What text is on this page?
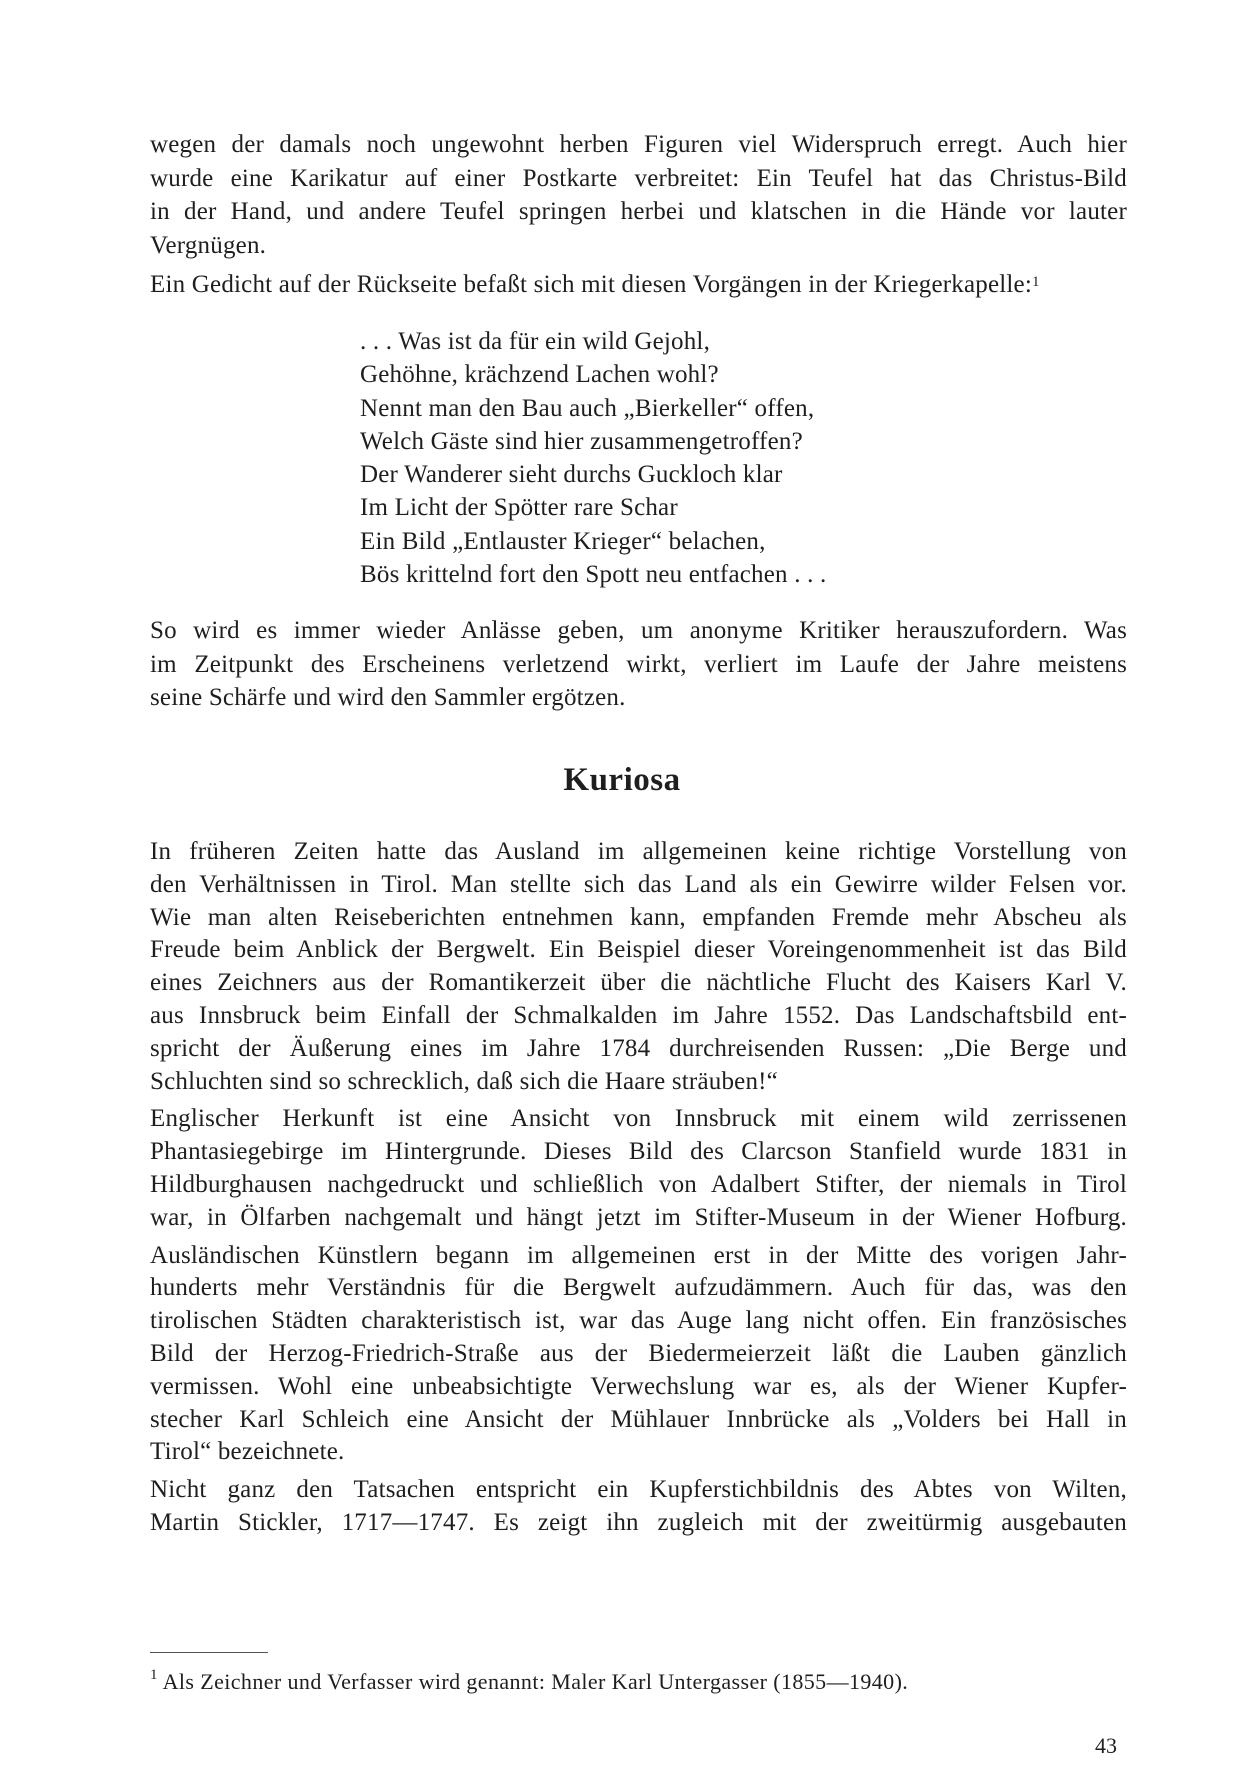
wegen der damals noch ungewohnt herben Figuren viel Widerspruch erregt. Auch hier
wurde eine Karikatur auf einer Postkarte verbreitet: Ein Teufel hat das Christus-Bild
in der Hand, und andere Teufel springen herbei und klatschen in die Hände vor lauter
Vergnügen.
Ein Gedicht auf der Rückseite befaßt sich mit diesen Vorgängen in der Kriegerkapelle:$^1$
. . . Was ist da für ein wild Gejohl,
Gehöhne, krächzend Lachen wohl?
Nennt man den Bau auch „Bierkeller“ offen,
Welch Gäste sind hier zusammengetroffen?
Der Wanderer sieht durchs Guckloch klar
Im Licht der Spötter rare Schar
Ein Bild „Entlauster Krieger“ belachen,
Bös krittelnd fort den Spott neu entfachen . . .
So wird es immer wieder Anlässe geben, um anonyme Kritiker herauszufordern. Was
im Zeitpunkt des Erscheinens verletzend wirkt, verliert im Laufe der Jahre meistens
seine Schärfe und wird den Sammler ergötzen.
Kuriosa
In früheren Zeiten hatte das Ausland im allgemeinen keine richtige Vorstellung von
den Verhältnissen in Tirol. Man stellte sich das Land als ein Gewirre wilder Felsen vor.
Wie man alten Reiseberichten entnehmen kann, empfanden Fremde mehr Abscheu als
Freude beim Anblick der Bergwelt. Ein Beispiel dieser Voreingenommenheit ist das Bild
eines Zeichners aus der Romantikerzeit über die nächtliche Flucht des Kaisers Karl V.
aus Innsbruck beim Einfall der Schmalkalden im Jahre 1552. Das Landschaftsbild ent-
spricht der Äußerung eines im Jahre 1784 durchreisenden Russen: „Die Berge und
Schluchten sind so schrecklich, daß sich die Haare sträuben!“
Englischer Herkunft ist eine Ansicht von Innsbruck mit einem wild zerrissenen
Phantasiegebirge im Hintergrunde. Dieses Bild des Clarcson Stanfield wurde 1831 in
Hildburghausen nachgedruckt und schließlich von Adalbert Stifter, der niemals in Tirol
war, in Ölfarben nachgemalt und hängt jetzt im Stifter-Museum in der Wiener Hofburg.
Ausländischen Künstlern begann im allgemeinen erst in der Mitte des vorigen Jahr-
hunderts mehr Verständnis für die Bergwelt aufzudämmern. Auch für das, was den
tirolischen Städten charakteristisch ist, war das Auge lang nicht offen. Ein französisches
Bild der Herzog-Friedrich-Straße aus der Biedermeierzeit läßt die Lauben gänzlich
vermissen. Wohl eine unbeabsichtigte Verwechslung war es, als der Wiener Kupfer-
stecher Karl Schleich eine Ansicht der Mühlauer Innbrücke als „Volders bei Hall in
Tirol“ bezeichnete.
Nicht ganz den Tatsachen entspricht ein Kupferstichbildnis des Abtes von Wilten,
Martin Stickler, 1717—1747. Es zeigt ihn zugleich mit der zweitürmig ausgebauten
$^1$ Als Zeichner und Verfasser wird genannt: Maler Karl Untergasser (1855—1940).
43
